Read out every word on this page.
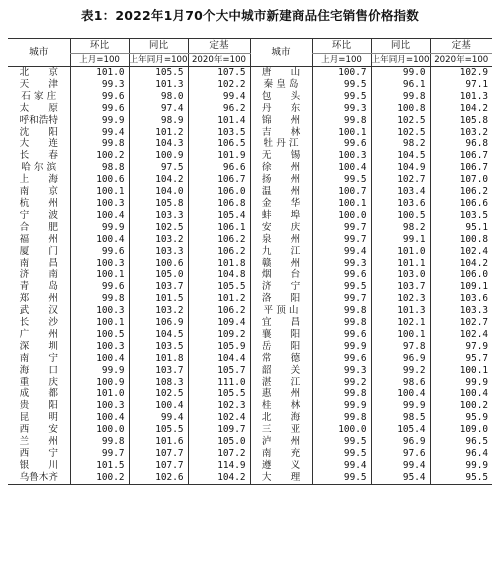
表1：2022年1月70个大中城市新建商品住宅销售价格指数
城市	环比	同比	定基	城市	环比	同比	定基
	上月=100	上年同月=100	2020年=100		上月=100	上年同月=100	2020年=100
北　　京	101.0	105.5	107.5	唐　　山	100.7	99.0	102.9
天　　津	99.3	101.3	102.2	秦 皇 岛	99.5	96.1	97.1
石 家 庄	99.6	98.0	99.4	包　　头	99.5	99.8	101.3
太　　原	99.6	97.4	96.2	丹　　东	99.3	100.8	104.2
呼和浩特	99.9	98.9	101.4	锦　　州	99.8	102.5	105.8
沈　　阳	99.4	101.2	103.5	吉　　林	100.1	102.5	103.2
大　　连	99.8	104.3	106.5	牡 丹 江	99.6	98.2	96.8
长　　春	100.2	100.9	101.9	无　　锡	100.3	104.5	106.7
哈 尔 滨	98.8	97.5	96.6	徐　　州	100.4	104.9	106.7
上　　海	100.6	104.2	106.7	扬　　州	99.5	102.7	107.0
南　　京	100.1	104.0	106.0	温　　州	100.7	103.4	106.2
杭　　州	100.3	105.8	106.8	金　　华	100.1	103.6	106.6
宁　　波	100.4	103.3	105.4	蚌　　埠	100.0	100.5	103.5
合　　肥	99.9	102.5	106.1	安　　庆	99.7	98.2	95.1
福　　州	100.4	103.2	106.2	泉　　州	99.7	99.1	100.8
厦　　门	99.6	103.3	106.2	九　　江	99.4	101.0	102.4
南　　昌	100.3	100.6	101.8	赣　　州	99.3	101.1	104.2
济　　南	100.1	105.0	104.8	烟　　台	99.6	103.0	106.0
青　　岛	99.6	103.7	105.5	济　　宁	99.5	103.7	109.1
郑　　州	99.8	101.5	101.2	洛　　阳	99.7	102.3	103.6
武　　汉	100.3	103.2	106.2	平 顶 山	99.8	101.3	103.3
长　　沙	100.1	106.9	109.4	宜　　昌	99.8	102.1	102.7
广　　州	100.5	104.5	109.2	襄　　阳	99.6	100.1	102.4
深　　圳	100.3	103.5	105.9	岳　　阳	99.9	97.8	97.9
南　　宁	100.4	101.8	104.4	常　　德	99.6	96.9	95.7
海　　口	99.9	103.7	105.7	韶　　关	99.3	99.2	100.1
重　　庆	100.9	108.3	111.0	湛　　江	99.2	98.6	99.9
成　　都	101.0	102.5	105.5	惠　　州	99.8	100.4	100.4
贵　　阳	100.3	100.4	102.3	桂　　林	99.9	99.9	100.2
昆　　明	100.4	99.4	102.4	北　　海	99.8	98.5	95.9
西　　安	100.0	105.5	109.7	三　　亚	100.0	105.4	109.0
兰　　州	99.8	101.6	105.0	泸　　州	99.5	96.9	96.5
西　　宁	99.7	107.7	107.2	南　　充	99.5	97.6	96.4
银　　川	101.5	107.7	114.9	遵　　义	99.4	99.4	99.9
乌鲁木齐	100.2	102.6	104.2	大　　理	99.5	95.4	95.5
